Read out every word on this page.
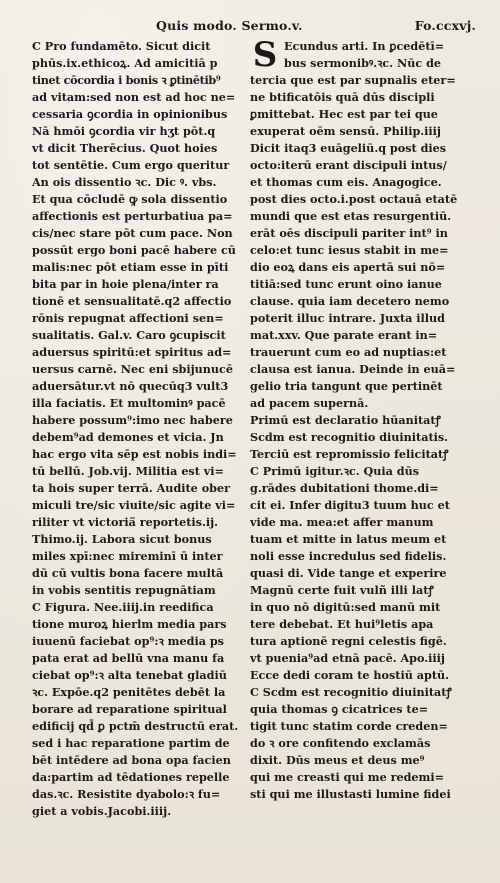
Quis modo. Sermo.v.	Fo.ccxvj.
C Pro fundamēto. Sicut dicit
phūs.ix.ethicoꝝ. Ad amicitiā p
tinet cōcordia i bonis ꝛ ꝑtinētib⁹
ad vitam:sed non est ad hoc ne=
cessaria ꝯcordia in opinionibus
Nā hmōi ꝯcordia vir hʒt pōt.q
vt dicit Therēcius. Quot hoies
tot sentētie. Cum ergo queritur
An ois dissentio ꝛc. Dic ꝰ. vbs.
Et qua cōcludē ꝙ sola dissentio
affectionis est perturbatiua pa=
cis/nec stare pōt cum pace. Non
possūt ergo boni pacē habere cū
malis:nec pōt etiam esse in pīti
bita par in hoie plena/inter ra
tionē et sensualitatē.q2 affectio
rōnis repugnat affectioni sen=
sualitatis. Gal.v. Caro ꝯcupiscit
aduersus spiritū:et spiritus ad=
uersus carnē. Nec eni sbijunucē
aduersātur.vt nō quecūq3 vult3
illa faciatis. Et multominꝰ pacē
habere possum⁹:imo nec habere
debem⁹ad demones et vicia. Jn
hac ergo vita sēp est nobis indi=
tū bellū. Job.vij. Militia est vi=
ta hois super terrā. Audite ober
miculi tre/sic viuite/sic agite vi=
riliter vt victoriā̄ reportetis.ij.
Thimo.ij. Labora sicut bonus
miles xpī:nec mireminī ū inter
dū cū vultis bona facere multā
in vobis sentitis repugnātiam
C Figura. Nee.iiij.in reedifica
tione muroꝝ hierlm media pars
iuuenū faciebat op⁹:ꝛ media ps
pata erat ad bellū vna manu fa
ciebat op⁹:ꝛ alta tenebat gladiū
ꝛc. Expōe.q2 penitētes debēt la
borare ad reparatione spiritual
edificij qd̄ ꝑ pctm̄ destructū erat.
sed i hac reparatione partim de
bēt intēdere ad bona opa facien
da:partim ad tēdationes repelle
das.ꝛc. Resistite dyabolo:ꝛ fu=
giet a vobis.Jacobi.iiij.
S Ecundus arti. In ꝑcedētī=
bus sermonibꝰ.ꝛc. Nūc de
tercia que est par supnalis eter=
ne btificatōis quā dūs discipli
ꝑmittebat. Hec est par tei que
exuperat oēm sensū. Philip.iiij
Dicit itaq3 euāgeliū.q post dies
octo:iterū erant discipuli intus/
et thomas cum eis. Anagogice.
post dies octo.i.post octauā etatē
mundi que est etas resurgentiū.
erāt oēs discipuli pariter int⁹ in
celo:et tunc iesus stabit in me=
dio eoꝝ dans eis apertā sui nō=
titiā:sed tunc erunt oino ianue
clause. quia iam decetero nemo
poterit illuc intrare. Juxta illud
mat.xxv. Que parate erant in=
trauerunt cum eo ad nuptias:et
clausa est ianua. Deinde in euā=
gelio tria tangunt que pertinēt
ad pacem supernā.
Primū est declaratio hūanitatꝭ
Scdm est recognitio diuinitatis.
Terciū est repromissio felicitatꝭ
C Primū igitur.ꝛc. Quia dūs
g.rādes dubitationi thome.di=
cit ei. Infer digitu3 tuum huc et
vide ma. mea:et affer manum
tuam et mitte in latus meum et
noli esse incredulus sed fidelis.
quasi di. Vide tange et experire
Magnū certe fuit vulñ illi latꝭ
in quo nō digitū:sed manū mit
tere debebat. Et hui⁹letis apa
tura aptionē regni celestis figē.
vt puenia⁹ad etnā pacē. Apo.iiij
Ecce dedi coram te hostiū aptū.
C Scdm est recognitio diuinitatꝭ
quia thomas ꝯ cicatrices te=
tigit tunc statim corde creden=
do ꝛ ore confitendo exclamās
dixit. Dūs meus et deus me⁹
qui me creasti qui me redemi=
sti qui me illustasti lumine fidei
